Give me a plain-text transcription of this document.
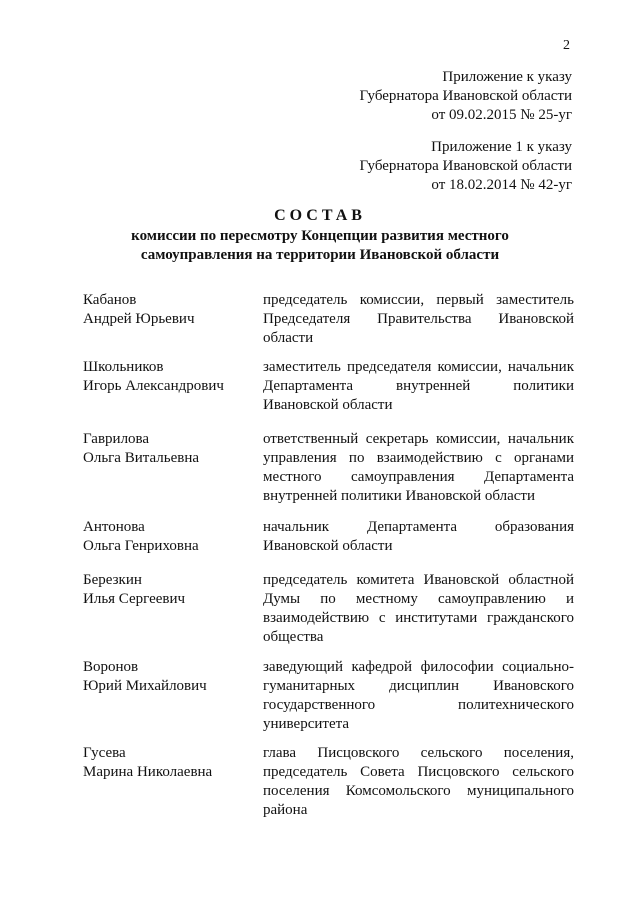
2
Приложение к указу
Губернатора Ивановской области
от 09.02.2015 № 25-уг
Приложение 1 к указу
Губернатора Ивановской области
от 18.02.2014 № 42-уг
СОСТАВ
комиссии по пересмотру Концепции развития местного
самоуправления на территории Ивановской области
Кабанов
Андрей Юрьевич
председатель комиссии, первый заместитель Председателя Правительства Ивановской области
Школьников
Игорь Александрович
заместитель председателя комиссии, начальник Департамента внутренней политики Ивановской области
Гаврилова
Ольга Витальевна
ответственный секретарь комиссии, начальник управления по взаимодействию с органами местного самоуправления Департамента внутренней политики Ивановской области
Антонова
Ольга Генриховна
начальник Департамента образования Ивановской области
Березкин
Илья Сергеевич
председатель комитета Ивановской областной Думы по местному самоуправлению и взаимодействию с институтами гражданского общества
Воронов
Юрий Михайлович
заведующий кафедрой философии социально-гуманитарных дисциплин Ивановского государственного политехнического университета
Гусева
Марина Николаевна
глава Писцовского сельского поселения, председатель Совета Писцовского сельского поселения Комсомольского муниципального района
